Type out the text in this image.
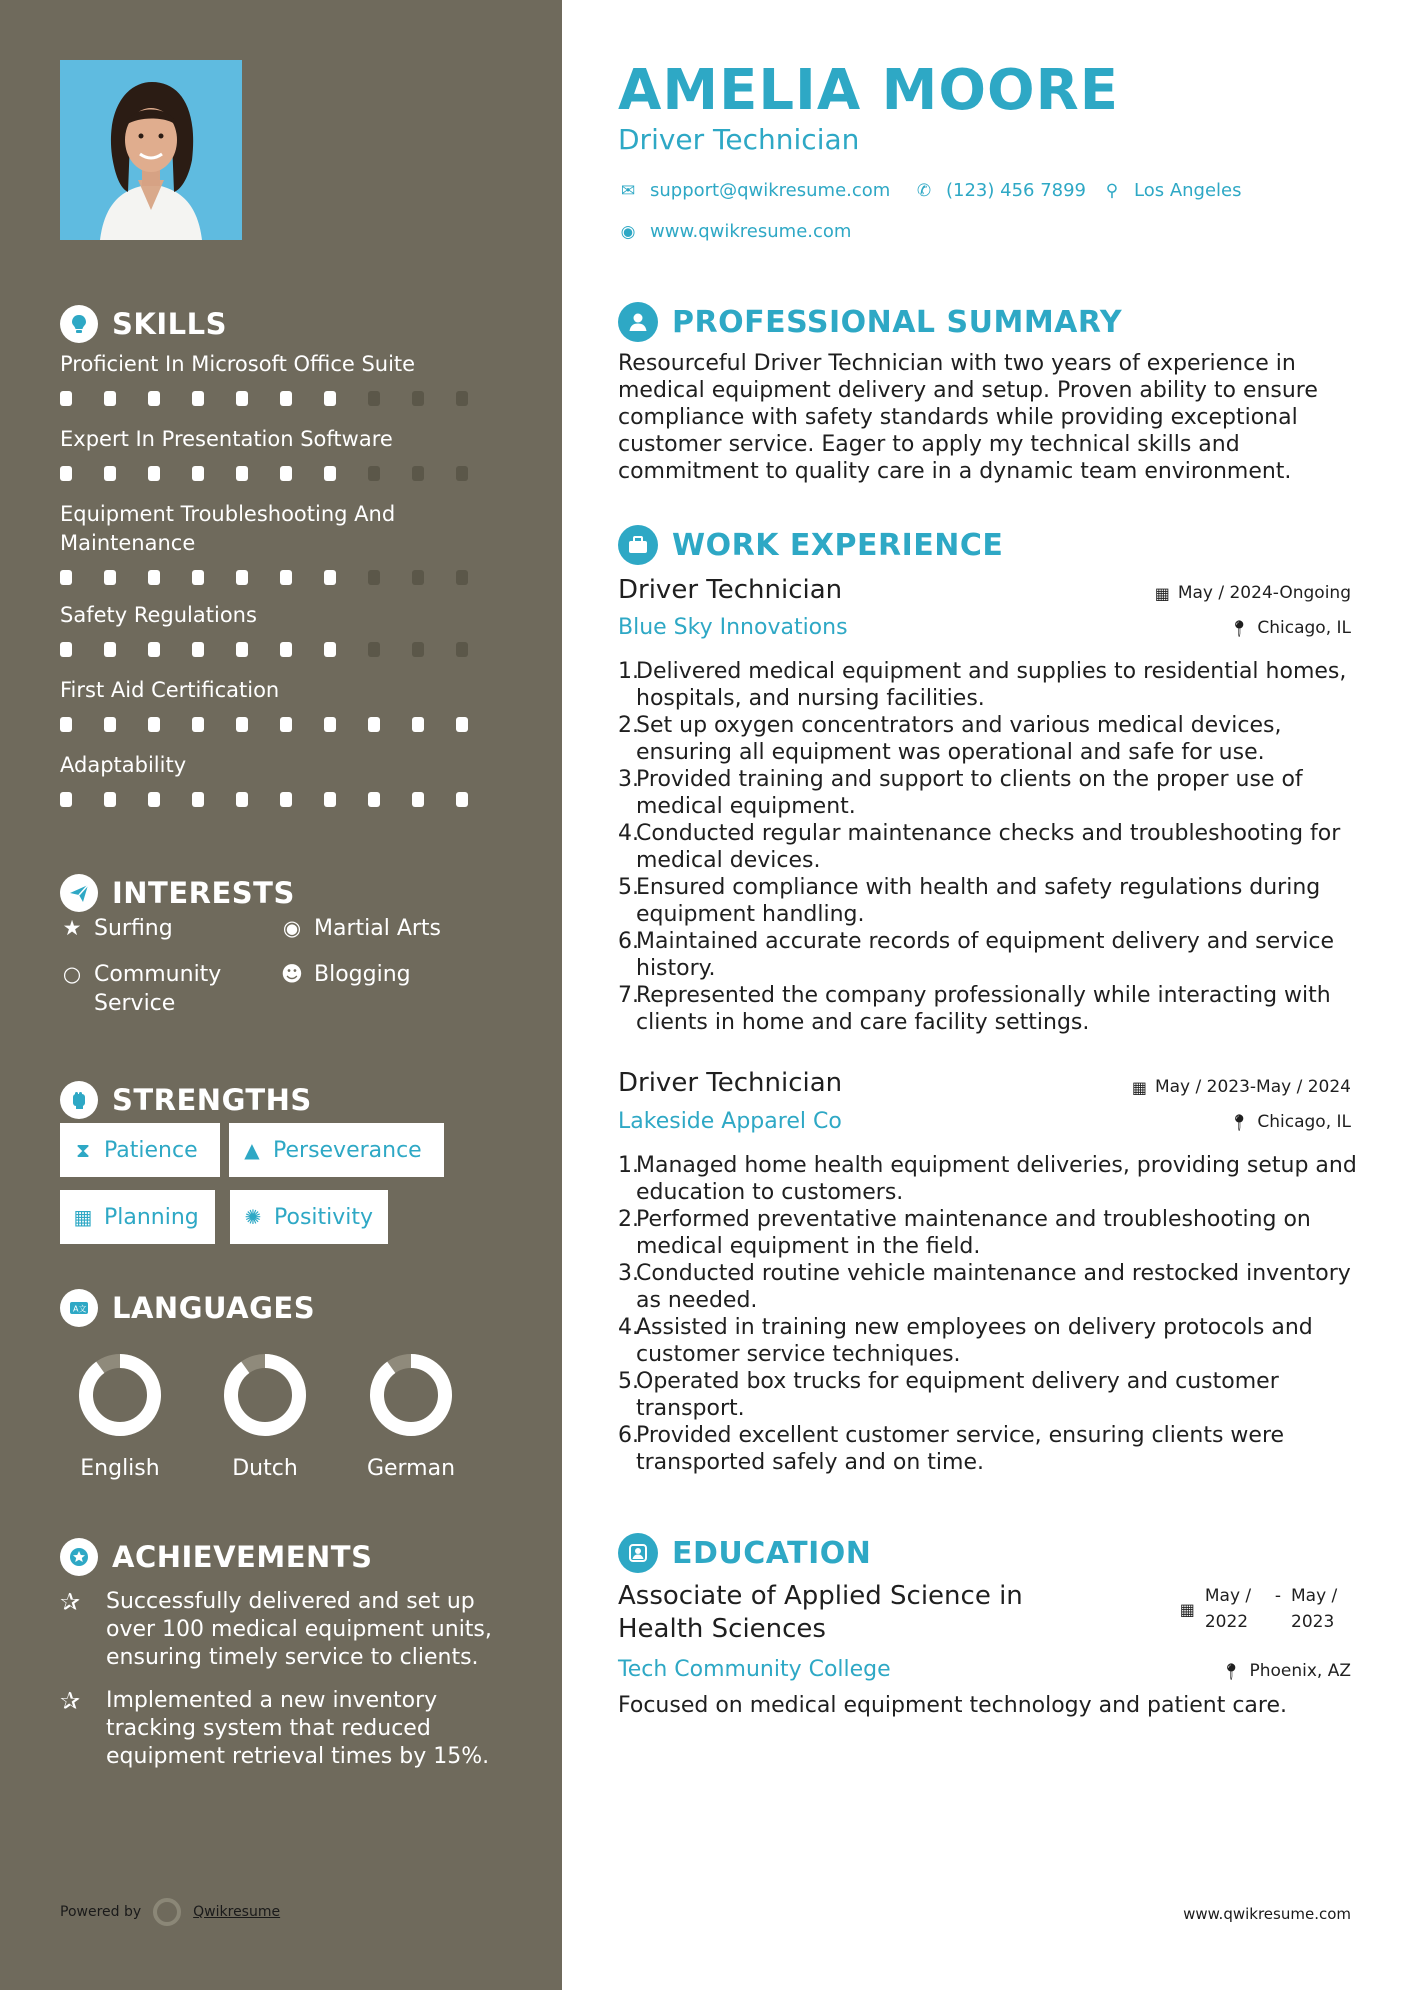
SKILLS
Proficient In Microsoft Office Suite
Expert In Presentation Software
Equipment Troubleshooting And Maintenance
Safety Regulations
First Aid Certification
Adaptability
INTERESTS
★ Surfing	◉ Martial Arts
○ Community Service
☻ Blogging
STRENGTHS
⧗ Patience ▲ Perseverance
▦ Planning ✺ Positivity
A文 LANGUAGES
English	Dutch	German
ACHIEVEMENTS
✰	Successfully delivered and set up over 100 medical equipment units, ensuring timely service to clients.
✰	Implemented a new inventory tracking system that reduced equipment retrieval times by 15%.
Powered by	Qwikresume
AMELIA MOORE
Driver Technician
✉ support@qwikresume.com ✆ (123) 456 7899 ⚲ Los Angeles
◉ www.qwikresume.com
PROFESSIONAL SUMMARY
Resourceful Driver Technician with two years of experience in medical equipment delivery and setup. Proven ability to ensure compliance with safety standards while providing exceptional customer service. Eager to apply my technical skills and commitment to quality care in a dynamic team environment.
WORK EXPERIENCE
Driver Technician	▦ May / 2024-Ongoing
Blue Sky Innovations	📍︎ Chicago, IL
1.
Delivered medical equipment and supplies to residential homes, hospitals, and nursing facilities.
2.
Set up oxygen concentrators and various medical devices, ensuring all equipment was operational and safe for use.
3.
Provided training and support to clients on the proper use of medical equipment.
4.
Conducted regular maintenance checks and troubleshooting for medical devices.
5.
Ensured compliance with health and safety regulations during equipment handling.
6.
Maintained accurate records of equipment delivery and service history.
7.
Represented the company professionally while interacting with clients in home and care facility settings.
Driver Technician	▦ May / 2023-May / 2024
Lakeside Apparel Co	📍︎ Chicago, IL
1.
Managed home health equipment deliveries, providing setup and education to customers.
2.
Performed preventative maintenance and troubleshooting on medical equipment in the field.
3.
Conducted routine vehicle maintenance and restocked inventory as needed.
4.
Assisted in training new employees on delivery protocols and customer service techniques.
5.
Operated box trucks for equipment delivery and customer transport.
6.
Provided excellent customer service, ensuring clients were transported safely and on time.
EDUCATION
Associate of Applied Science in Health Sciences
▦
May / 2022
- May / 2023
Tech Community College	📍︎ Phoenix, AZ
Focused on medical equipment technology and patient care.
www.qwikresume.com
